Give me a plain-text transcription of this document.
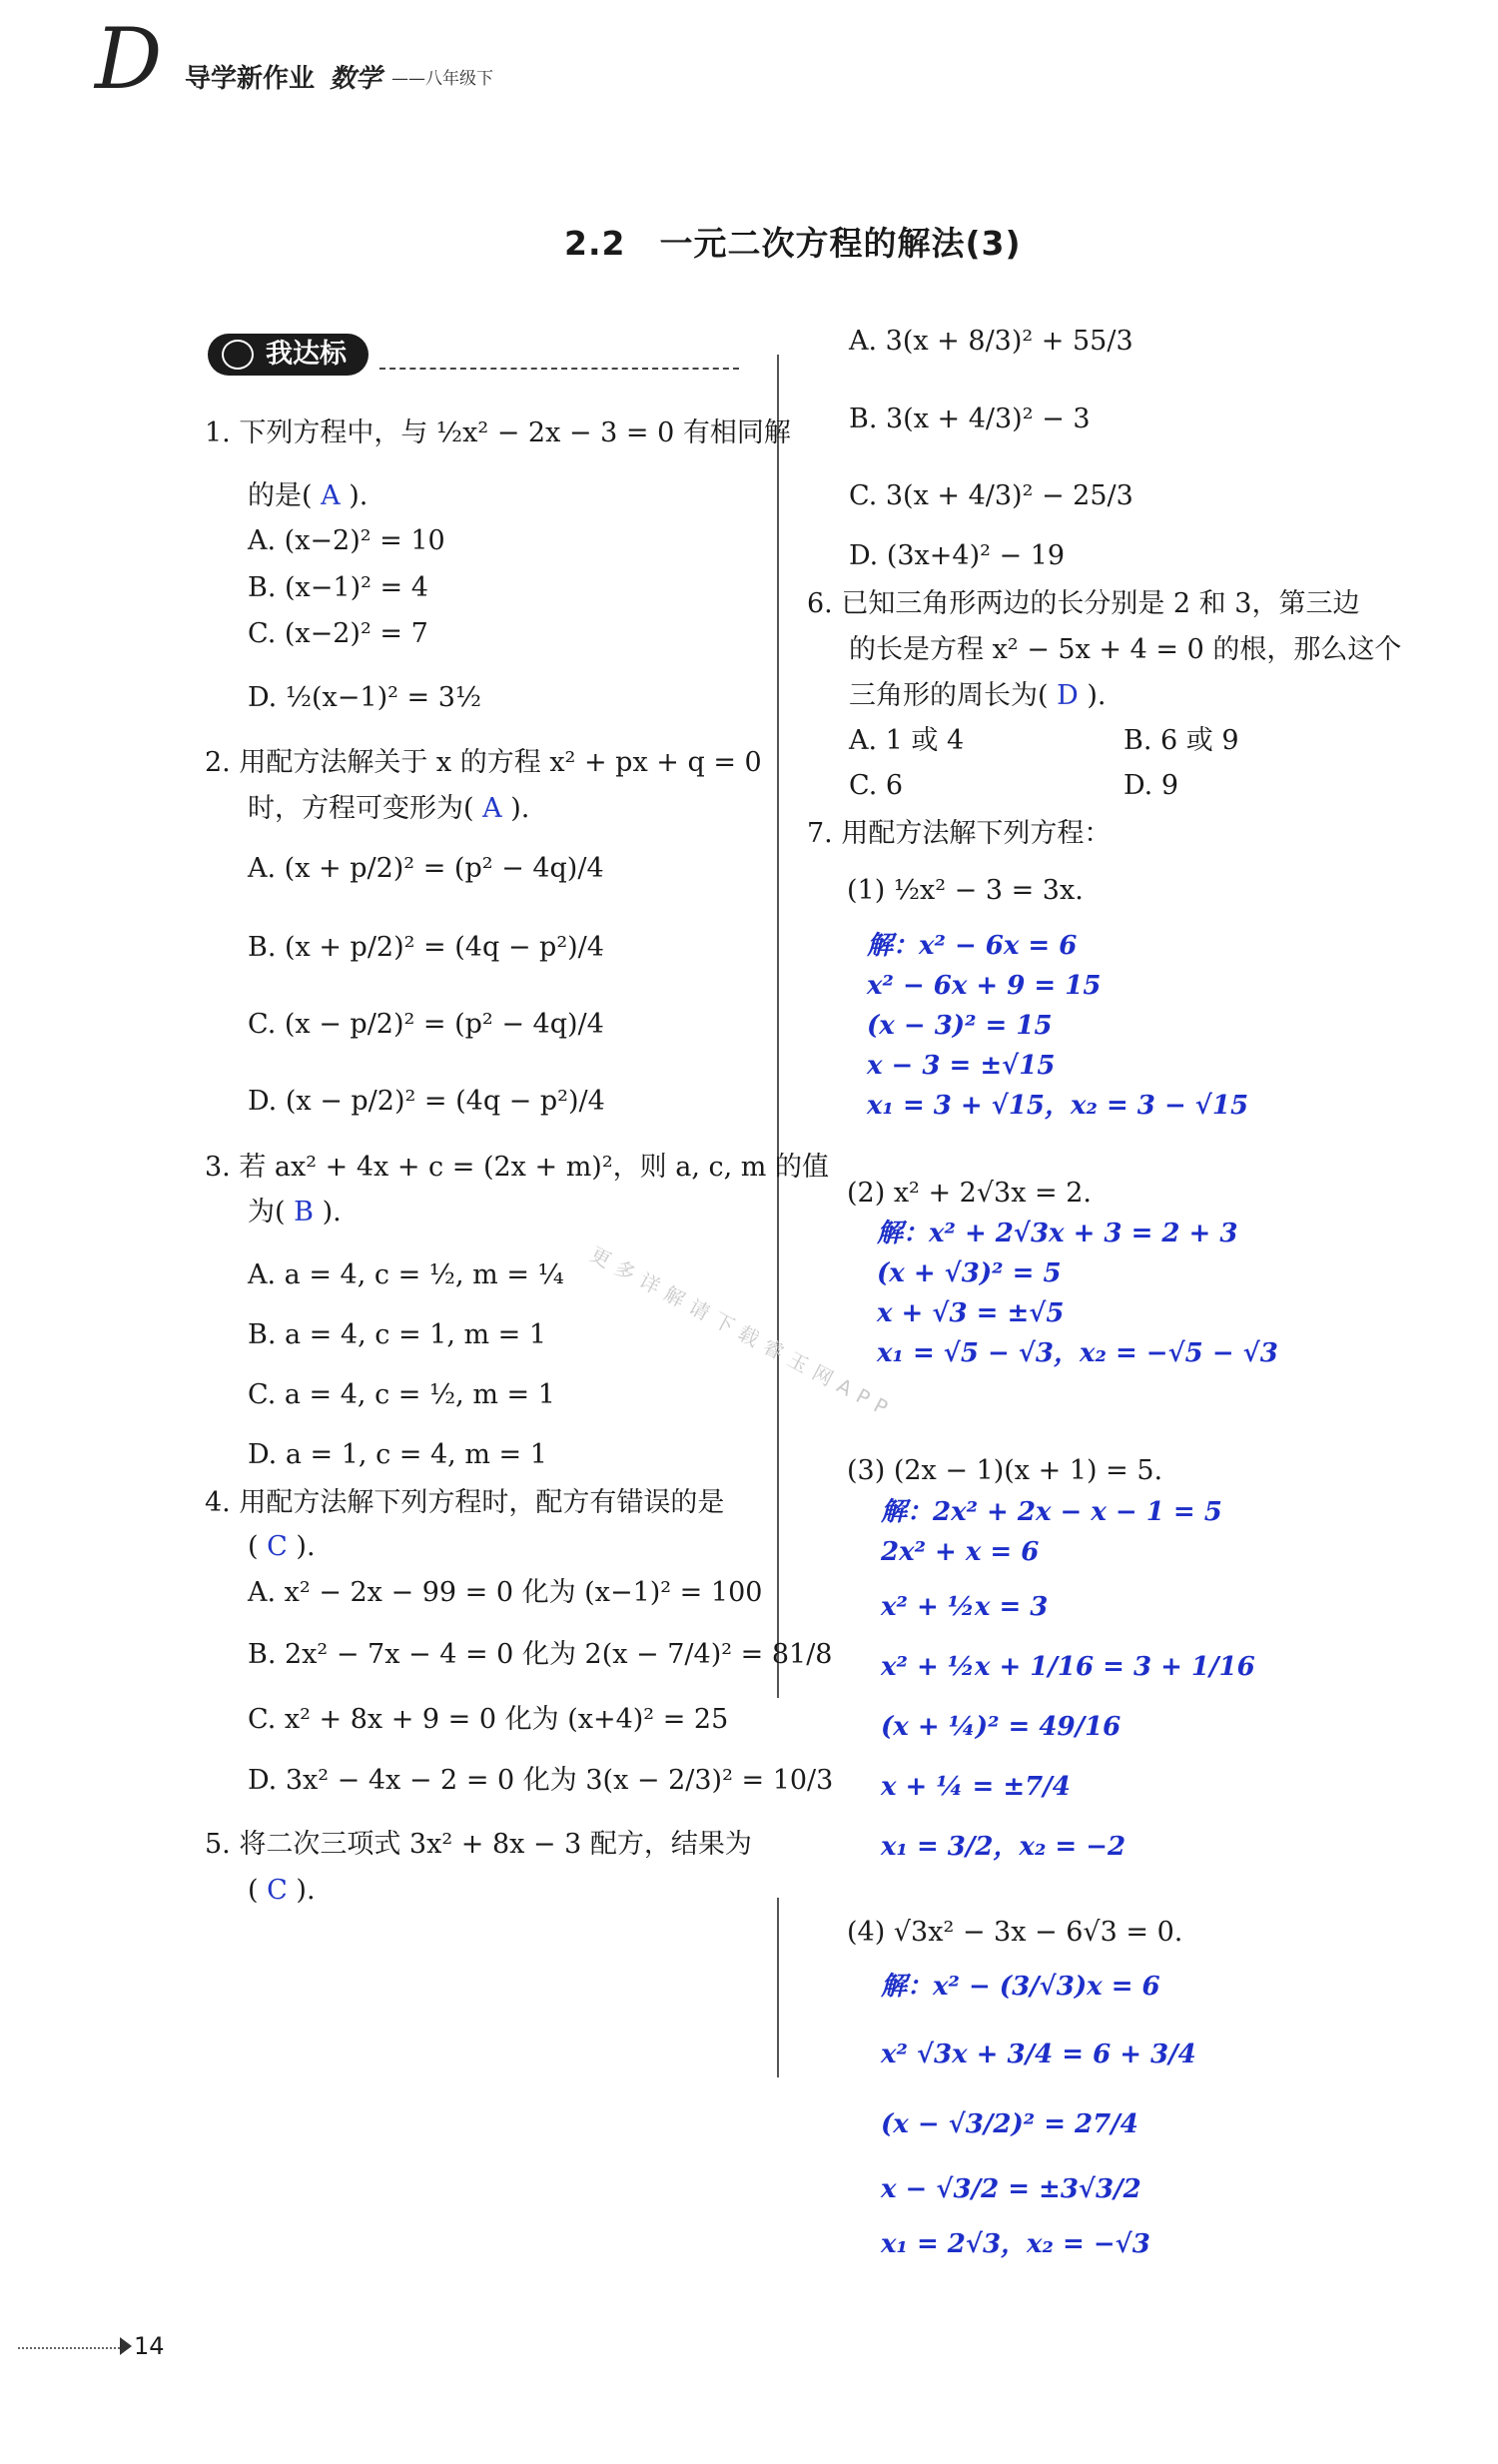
D 导学新作业 数学 ——八年级下
2.2　一元二次方程的解法(3)
我达标
1. 下列方程中，与 ½x² − 2x − 3 = 0 有相同解
的是( A ).
A. (x−2)² = 10
B. (x−1)² = 4
C. (x−2)² = 7
D. ½(x−1)² = 3½
2. 用配方法解关于 x 的方程 x² + px + q = 0
时，方程可变形为( A ).
A. (x + p/2)² = (p² − 4q)/4
B. (x + p/2)² = (4q − p²)/4
C. (x − p/2)² = (p² − 4q)/4
D. (x − p/2)² = (4q − p²)/4
3. 若 ax² + 4x + c = (2x + m)²，则 a, c, m 的值
为( B ).
A. a = 4, c = ½, m = ¼
B. a = 4, c = 1, m = 1
C. a = 4, c = ½, m = 1
D. a = 1, c = 4, m = 1
4. 用配方法解下列方程时，配方有错误的是
( C ).
A. x² − 2x − 99 = 0 化为 (x−1)² = 100
B. 2x² − 7x − 4 = 0 化为 2(x − 7/4)² = 81/8
C. x² + 8x + 9 = 0 化为 (x+4)² = 25
D. 3x² − 4x − 2 = 0 化为 3(x − 2/3)² = 10/3
5. 将二次三项式 3x² + 8x − 3 配方，结果为
( C ).
A. 3(x + 8/3)² + 55/3
B. 3(x + 4/3)² − 3
C. 3(x + 4/3)² − 25/3
D. (3x+4)² − 19
6. 已知三角形两边的长分别是 2 和 3，第三边
的长是方程 x² − 5x + 4 = 0 的根，那么这个
三角形的周长为( D ).
A. 1 或 4	B. 6 或 9
C. 6	D. 9
7. 用配方法解下列方程：
(1) ½x² − 3 = 3x.
解：x² − 6x = 6
x² − 6x + 9 = 15
(x − 3)² = 15
x − 3 = ±√15
x₁ = 3 + √15，x₂ = 3 − √15
(2) x² + 2√3x = 2.
解：x² + 2√3x + 3 = 2 + 3
(x + √3)² = 5
x + √3 = ±√5
x₁ = √5 − √3，x₂ = −√5 − √3
更多详解请下载睿玉网APP
(3) (2x − 1)(x + 1) = 5.
解：2x² + 2x − x − 1 = 5
2x² + x = 6
x² + ½x = 3
x² + ½x + 1/16 = 3 + 1/16
(x + ¼)² = 49/16
x + ¼ = ±7/4
x₁ = 3/2，x₂ = −2
(4) √3x² − 3x − 6√3 = 0.
解：x² − (3/√3)x = 6
x² √3x + 3/4 = 6 + 3/4
(x − √3/2)² = 27/4
x − √3/2 = ±3√3/2
x₁ = 2√3，x₂ = −√3
14
